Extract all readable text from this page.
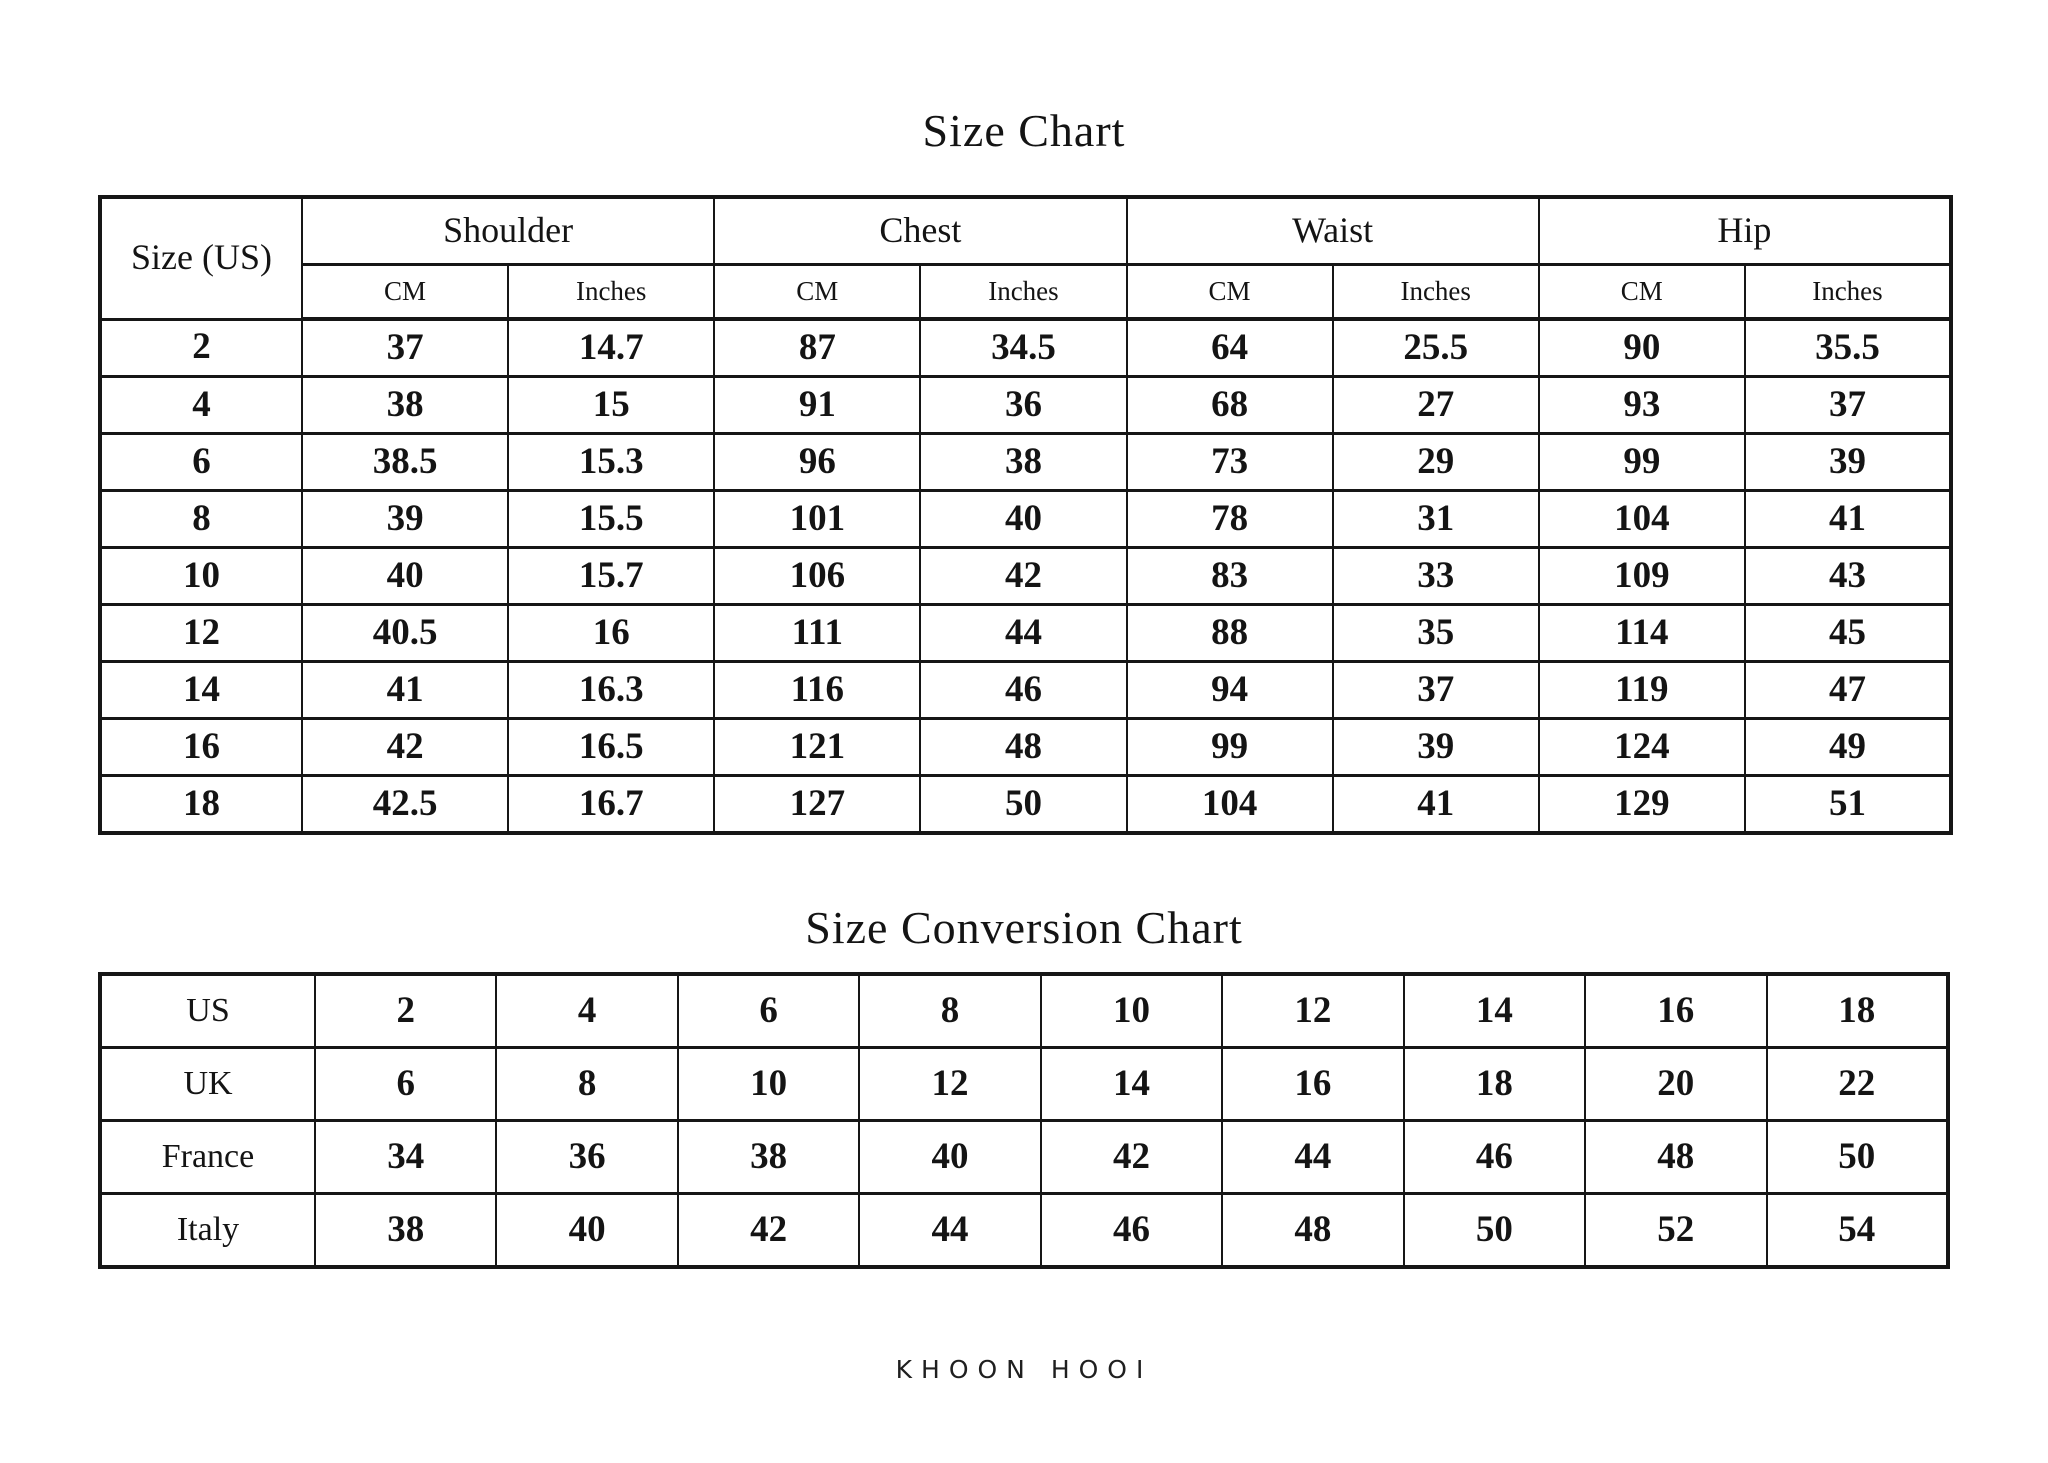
Size Chart
Size (US)	Shoulder		Chest		Waist		Hip	
	CM	Inches	CM	Inches	CM	Inches	CM	Inches
2	37	14.7	87	34.5	64	25.5	90	35.5
4	38	15	91	36	68	27	93	37
6	38.5	15.3	96	38	73	29	99	39
8	39	15.5	101	40	78	31	104	41
10	40	15.7	106	42	83	33	109	43
12	40.5	16	111	44	88	35	114	45
14	41	16.3	116	46	94	37	119	47
16	42	16.5	121	48	99	39	124	49
18	42.5	16.7	127	50	104	41	129	51
Size Conversion Chart
US	2	4	6	8	10	12	14	16	18
UK	6	8	10	12	14	16	18	20	22
France	34	36	38	40	42	44	46	48	50
Italy	38	40	42	44	46	48	50	52	54
KHOON HOOI
